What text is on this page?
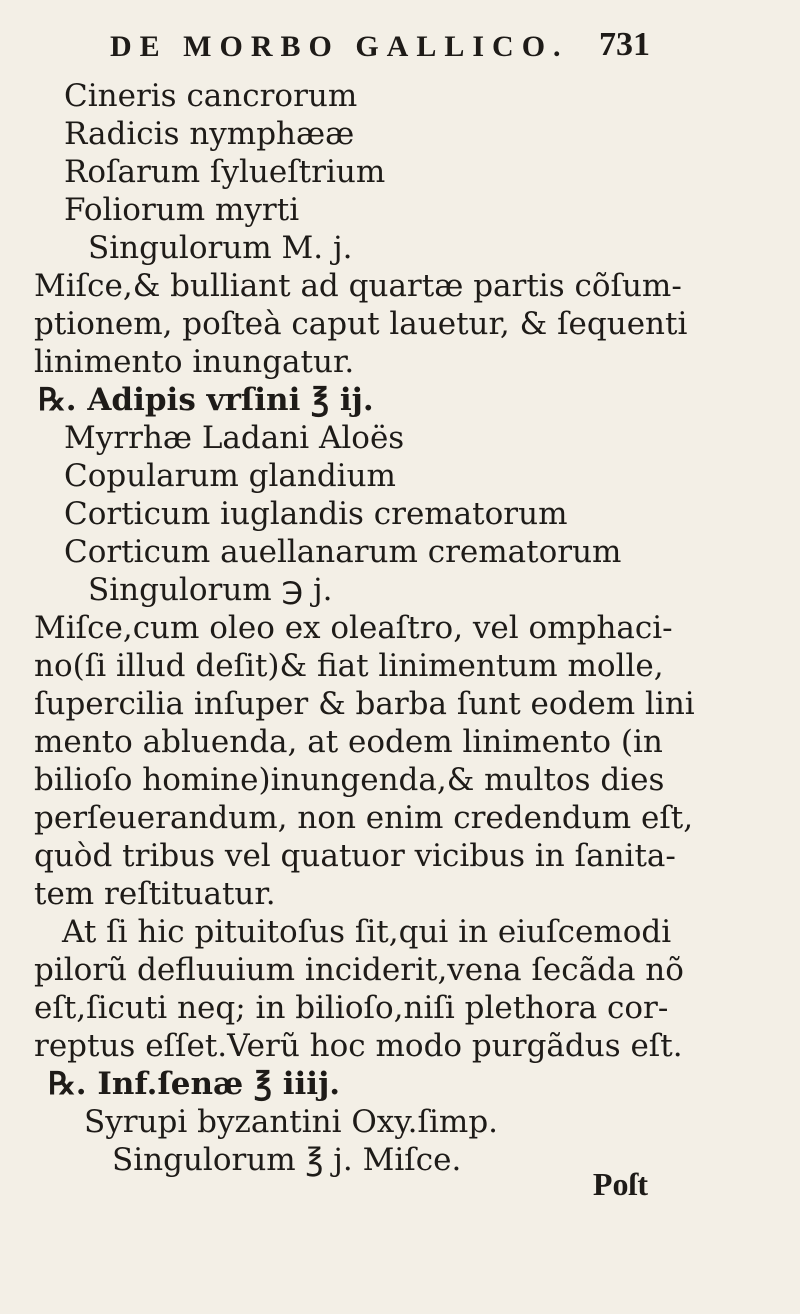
DE MORBO GALLICO. 731
Cineris cancrorum
Radicis nymphææ
Roſarum ſylueſtrium
Foliorum myrti
Singulorum M. j.
Miſce,& bulliant ad quartæ partis cõſum-
ptionem, poſteà caput lauetur, & ſequenti
linimento inungatur.
℞. Adipis vrſini ℥ ij.
Myrrhæ Ladani Aloës
Copularum glandium
Corticum iuglandis crematorum
Corticum auellanarum crematorum
Singulorum ℈ j.
Miſce,cum oleo ex oleaſtro, vel omphaci-
no(ſi illud deſit)& fiat linimentum molle,
ſupercilia inſuper & barba ſunt eodem lini
mento abluenda, at eodem linimento (in
bilioſo homine)inungenda,& multos dies
perſeuerandum, non enim credendum eſt,
quòd tribus vel quatuor vicibus in ſanita-
tem reſtituatur.
At ſi hic pituitoſus ſit,qui in eiuſcemodi
pilorũ defluuium inciderit,vena ſecãda nõ
eſt,ſicuti neq; in bilioſo,niſi plethora cor-
reptus eſſet.Verũ hoc modo purgãdus eſt.
℞. Inf.ſenæ ℥ iiij.
Syrupi byzantini Oxy.ſimp.
Singulorum ℥ j. Miſce.
Poſt
